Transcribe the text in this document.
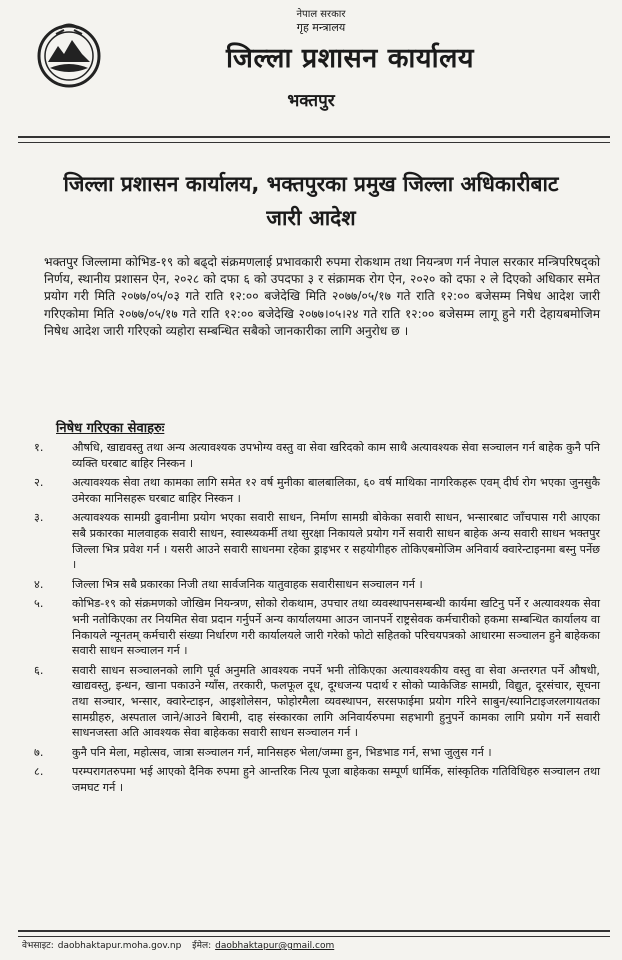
नेपाल सरकार
गृह मन्त्रालय
जिल्ला प्रशासन कार्यालय
भक्तपुर
जिल्ला प्रशासन कार्यालय, भक्तपुरका प्रमुख जिल्ला अधिकारीबाट
जारी आदेश
भक्तपुर जिल्लामा कोभिड-१९ को बढ्दो संक्रमणलाई प्रभावकारी रुपमा रोकथाम तथा नियन्त्रण गर्न नेपाल सरकार मन्त्रिपरिषद्को निर्णय, स्थानीय प्रशासन ऐन, २०२८ को दफा ६ को उपदफा ३ र संक्रामक रोग ऐन, २०२० को दफा २ ले दिएको अधिकार समेत प्रयोग गरी मिति २०७७/०५/०३ गते राति १२:०० बजेदेखि मिति २०७७/०५/१७ गते राति १२:०० बजेसम्म निषेध आदेश जारी गरिएकोमा मिति २०७७/०५/१७ गते राति १२:०० बजेदेखि २०७७।०५।२४ गते राति १२:०० बजेसम्म लागू हुने गरी देहायबमोजिम निषेध आदेश जारी गरिएको व्यहोरा सम्बन्धित सबैको जानकारीका लागि अनुरोध छ ।
निषेध गरिएका सेवाहरुः
१.	औषधि, खाद्यवस्तु तथा अन्य अत्यावश्यक उपभोग्य वस्तु वा सेवा खरिदको काम साथै अत्यावश्यक सेवा सञ्चालन गर्न बाहेक कुनै पनि व्यक्ति घरबाट बाहिर निस्कन ।
२.	अत्यावश्यक सेवा तथा कामका लागि समेत १२ वर्ष मुनीका बालबालिका, ६० वर्ष माथिका नागरिकहरू एवम् दीर्घ रोग भएका जुनसुकै उमेरका मानिसहरू घरबाट बाहिर निस्कन ।
३.	अत्यावश्यक सामग्री ढुवानीमा प्रयोग भएका सवारी साधन, निर्माण सामग्री बोकेका सवारी साधन, भन्सारबाट जाँचपास गरी आएका सबै प्रकारका मालवाहक सवारी साधन, स्वास्थ्यकर्मी तथा सुरक्षा निकायले प्रयोग गर्ने सवारी साधन बाहेक अन्य सवारी साधन भक्तपुर जिल्ला भित्र प्रवेश गर्न । यसरी आउने सवारी साधनमा रहेका ड्राइभर र सहयोगीहरु तोकिएबमोजिम अनिवार्य क्वारेन्टाइनमा बस्नु पर्नेछ ।
४.	जिल्ला भित्र सबै प्रकारका निजी तथा सार्वजनिक यातुवाहक सवारीसाधन सञ्चालन गर्न ।
५.	कोभिड-१९ को संक्रमणको जोखिम नियन्त्रण, सोको रोकथाम, उपचार तथा व्यवस्थापनसम्बन्धी कार्यमा खटिनु पर्ने र अत्यावश्यक सेवा भनी नतोकिएका तर नियमित सेवा प्रदान गर्नुपर्ने अन्य कार्यालयमा आउन जानपर्ने राष्ट्रसेवक कर्मचारीको हकमा सम्बन्धित कार्यालय वा निकायले न्यूनतम् कर्मचारी संख्या निर्धारण गरी कार्यालयले जारी गरेको फोटो सहितको परिचयपत्रको आधारमा सञ्चालन हुने बाहेकका सवारी साधन सञ्चालन गर्न ।
६.	सवारी साधन सञ्चालनको लागि पूर्व अनुमति आवश्यक नपर्ने भनी तोकिएका अत्यावश्यकीय वस्तु वा सेवा अन्तरगत पर्ने औषधी, खाद्यवस्तु, इन्धन, खाना पकाउने ग्याँस, तरकारी, फलफूल दूध, दूग्धजन्य पदार्थ र सोको प्याकेजिङ सामग्री, विद्युत, दूरसंचार, सूचना तथा सञ्चार, भन्सार, क्वारेन्टाइन, आइशोलेसन, फोहोरमैला व्यवस्थापन, सरसफाईमा प्रयोग गरिने साबुन/स्यानिटाइजरलगायतका सामग्रीहरु, अस्पताल जाने/आउने बिरामी, दाह संस्कारका लागि अनिवार्यरुपमा सहभागी हुनुपर्ने कामका लागि प्रयोग गर्ने सवारी साधनजस्ता अति आवश्यक सेवा बाहेकका सवारी साधन सञ्चालन गर्न ।
७.	कुनै पनि मेला, महोत्सव, जात्रा सञ्चालन गर्न, मानिसहरु भेला/जम्मा हुन, भिडभाड गर्न, सभा जुलुस गर्न ।
८.	परम्परागतरुपमा भई आएको दैनिक रुपमा हुने आन्तरिक नित्य पूजा बाहेकका सम्पूर्ण धार्मिक, सांस्कृतिक गतिविधिहरु सञ्चालन तथा जमघट गर्न ।
वेभसाइट: daobhaktapur.moha.gov.np ईमेल: daobhaktapur@gmail.com
